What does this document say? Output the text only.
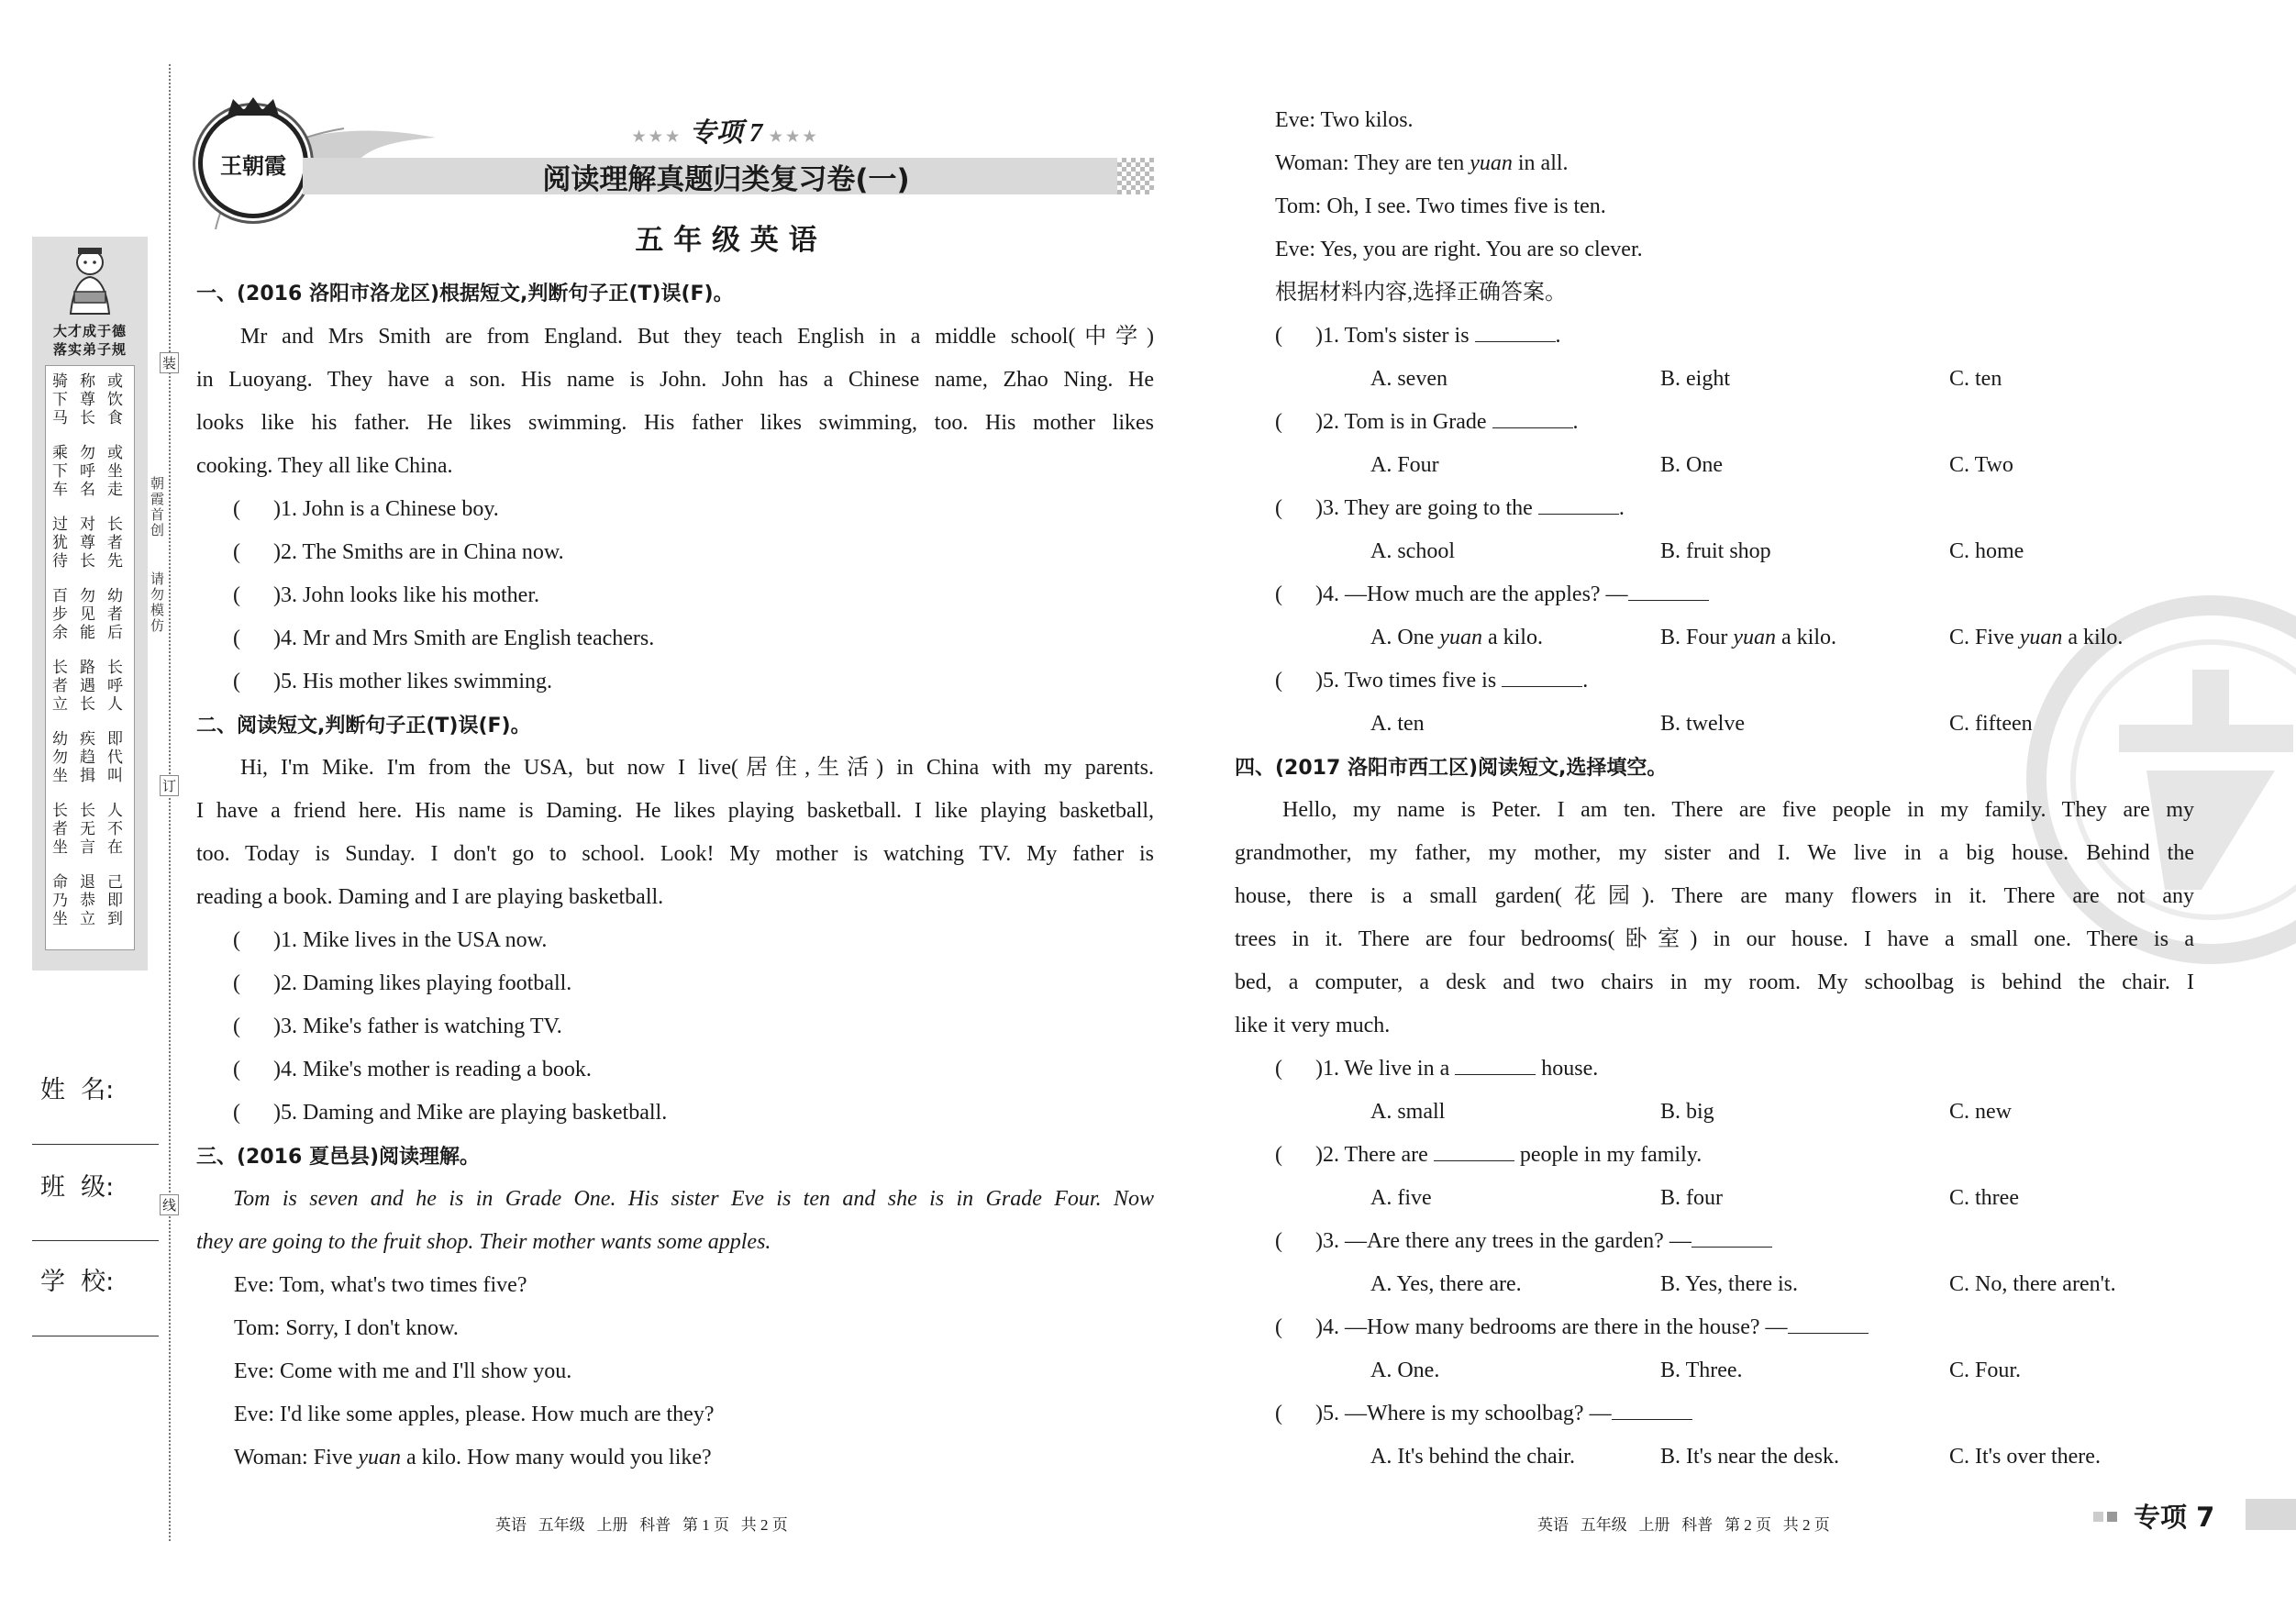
大才成于德
落实弟子规
骑下马
称尊长
或饮食
乘下车
勿呼名
或坐走
过犹待
对尊长
长者先
百步余
勿见能
幼者后
长者立
路遇长
长呼人
幼勿坐
疾趋揖
即代叫
长者坐
长无言
人不在
命乃坐
退恭立
己即到
装
订
线
朝霞首创
请勿模仿
姓  名:
班  级:
学  校:
王朝霞
★★★ 专项 7 ★★★
阅读理解真题归类复习卷(一)
五 年 级 英 语
一、(2016 洛阳市洛龙区)根据短文,判断句子正(T)误(F)。
Mr and Mrs Smith are from England. But they teach English in a middle school(中学)
in Luoyang. They have a son. His name is John. John has a Chinese name, Zhao Ning. He
looks like his father. He likes swimming. His father likes swimming, too. His mother likes
cooking. They all like China.
(      )1. John is a Chinese boy.
(      )2. The Smiths are in China now.
(      )3. John looks like his mother.
(      )4. Mr and Mrs Smith are English teachers.
(      )5. His mother likes swimming.
二、阅读短文,判断句子正(T)误(F)。
Hi, I'm Mike. I'm from the USA, but now I live(居住,生活) in China with my parents.
I have a friend here. His name is Daming. He likes playing basketball. I like playing basketball,
too. Today is Sunday. I don't go to school. Look! My mother is watching TV. My father is
reading a book. Daming and I are playing basketball.
(      )1. Mike lives in the USA now.
(      )2. Daming likes playing football.
(      )3. Mike's father is watching TV.
(      )4. Mike's mother is reading a book.
(      )5. Daming and Mike are playing basketball.
三、(2016 夏邑县)阅读理解。
Tom is seven and he is in Grade One. His sister Eve is ten and she is in Grade Four. Now
they are going to the fruit shop. Their mother wants some apples.
Eve: Tom, what's two times five?
Tom: Sorry, I don't know.
Eve: Come with me and I'll show you.
Eve: I'd like some apples, please. How much are they?
Woman: Five yuan a kilo. How many would you like?
英语   五年级   上册   科普   第 1 页   共 2 页
Eve: Two kilos.
Woman: They are ten yuan in all.
Tom: Oh, I see. Two times five is ten.
Eve: Yes, you are right. You are so clever.
根据材料内容,选择正确答案。
(      )1. Tom's sister is	.
A. seven	B. eight	C. ten
(      )2. Tom is in Grade	.
A. Four	B. One	C. Two
(      )3. They are going to the	.
A. school	B. fruit shop	C. home
(      )4. —How much are the apples? —
A. One yuan a kilo.	B. Four yuan a kilo.	C. Five yuan a kilo.
(      )5. Two times five is	.
A. ten	B. twelve	C. fifteen
四、(2017 洛阳市西工区)阅读短文,选择填空。
Hello, my name is Peter. I am ten. There are five people in my family. They are my
grandmother, my father, my mother, my sister and I. We live in a big house. Behind the
house, there is a small garden(花园). There are many flowers in it. There are not any
trees in it. There are four bedrooms(卧室) in our house. I have a small one. There is a
bed, a computer, a desk and two chairs in my room. My schoolbag is behind the chair. I
like it very much.
(      )1. We live in a	house.
A. small	B. big	C. new
(      )2. There are	people in my family.
A. five	B. four	C. three
(      )3. —Are there any trees in the garden? —
A. Yes, there are.	B. Yes, there is.	C. No, there aren't.
(      )4. —How many bedrooms are there in the house? —
A. One.	B. Three.	C. Four.
(      )5. —Where is my schoolbag? —
A. It's behind the chair.	B. It's near the desk.	C. It's over there.
英语   五年级   上册   科普   第 2 页   共 2 页	专项 7
